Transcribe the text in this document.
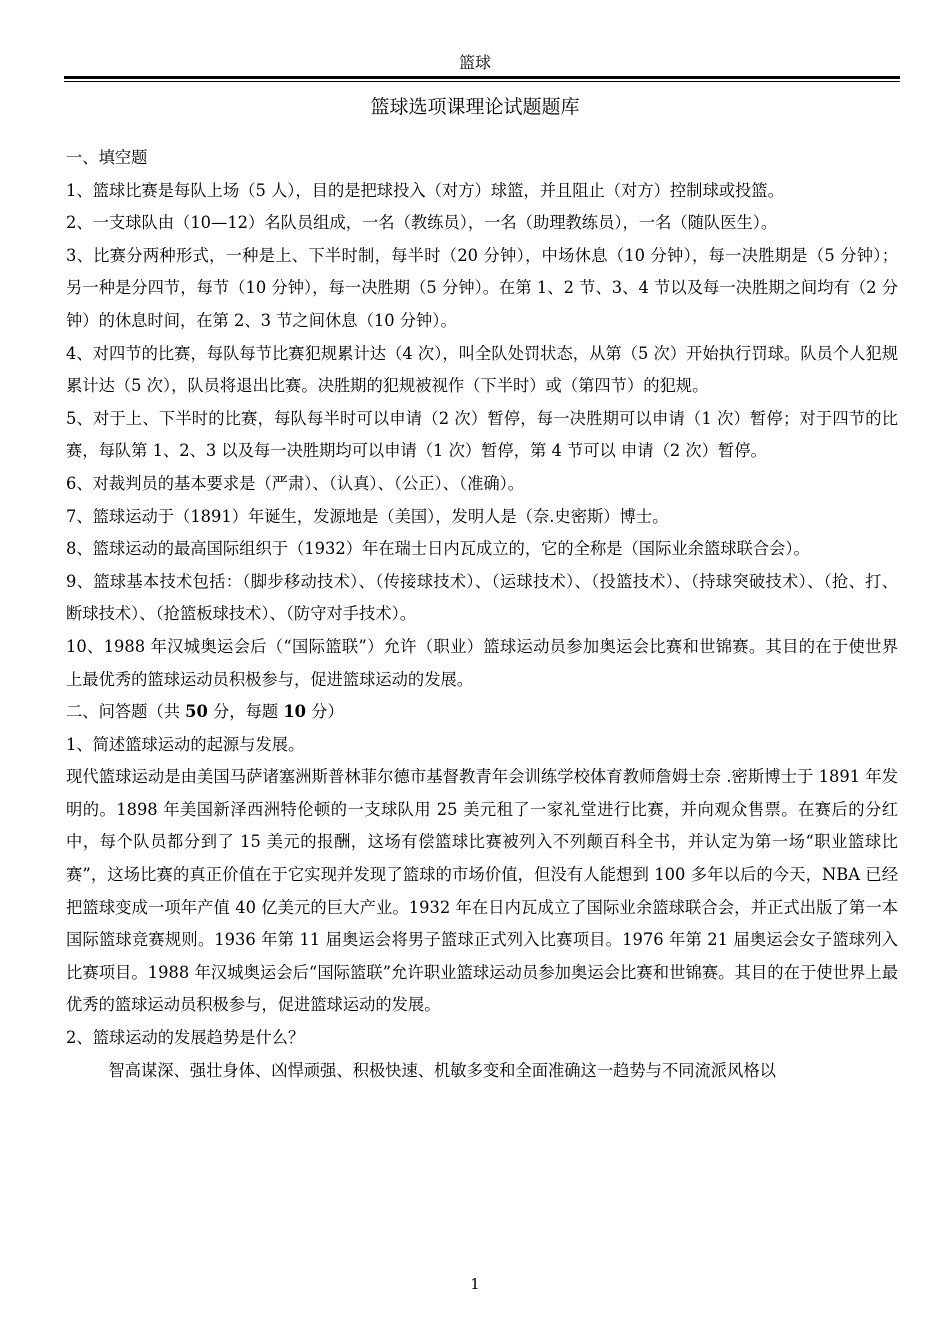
篮球
篮球选项课理论试题题库

一、填空题

1、篮球比赛是每队上场（5 人），目的是把球投入（对方）球篮，并且阻止（对方）控制球或投篮。

2、一支球队由（10—12）名队员组成，一名（教练员），一名（助理教练员），一名（随队医生）。

3、比赛分两种形式，一种是上、下半时制，每半时（20 分钟），中场休息（10 分钟），每一决胜期是（5 分钟）；另一种是分四节，每节（10 分钟），每一决胜期（5 分钟）。在第 1、2 节、3、4 节以及每一决胜期之间均有（2 分钟）的休息时间，在第 2、3 节之间休息（10 分钟）。

4、对四节的比赛，每队每节比赛犯规累计达（4 次），叫全队处罚状态，从第（5 次）开始执行罚球。队员个人犯规累计达（5 次），队员将退出比赛。决胜期的犯规被视作（下半时）或（第四节）的犯规。

5、对于上、下半时的比赛，每队每半时可以申请（2 次）暂停，每一决胜期可以申请（1 次）暂停；对于四节的比赛，每队第 1、2、3 以及每一决胜期均可以申请（1 次）暂停，第 4 节可以 申请（2 次）暂停。

6、对裁判员的基本要求是（严肃）、（认真）、（公正）、（准确）。

7、篮球运动于（1891）年诞生，发源地是（美国），发明人是（奈.史密斯）博士。

8、篮球运动的最高国际组织于（1932）年在瑞士日内瓦成立的，它的全称是（国际业余篮球联合会）。

9、篮球基本技术包括：（脚步移动技术）、（传接球技术）、（运球技术）、（投篮技术）、（持球突破技术）、（抢、打、断球技术）、（抢篮板球技术）、（防守对手技术）。

10、1988 年汉城奥运会后（“国际篮联”）允许（职业）篮球运动员参加奥运会比赛和世锦赛。其目的在于使世界上最优秀的篮球运动员积极参与，促进篮球运动的发展。

二、问答题（共 50 分，每题 10 分）

1、简述篮球运动的起源与发展。

现代篮球运动是由美国马萨诸塞洲斯普林菲尔德市基督教青年会训练学校体育教师詹姆士奈 .密斯博士于 1891 年发明的。1898 年美国新泽西洲特伦顿的一支球队用 25 美元租了一家礼堂进行比赛，并向观众售票。在赛后的分红中，每个队员都分到了 15 美元的报酬，这场有偿篮球比赛被列入不列颠百科全书，并认定为第一场“职业篮球比赛”，这场比赛的真正价值在于它实现并发现了篮球的市场价值，但没有人能想到 100 多年以后的今天，NBA 已经把篮球变成一项年产值 40 亿美元的巨大产业。1932 年在日内瓦成立了国际业余篮球联合会，并正式出版了第一本国际篮球竞赛规则。1936 年第 11 届奥运会将男子篮球正式列入比赛项目。1976 年第 21 届奥运会女子篮球列入比赛项目。1988 年汉城奥运会后“国际篮联”允许职业篮球运动员参加奥运会比赛和世锦赛。其目的在于使世界上最优秀的篮球运动员积极参与，促进篮球运动的发展。

2、篮球运动的发展趋势是什么？

智高谋深、强壮身体、凶悍顽强、积极快速、机敏多变和全面准确这一趋势与不同流派风格以

1
